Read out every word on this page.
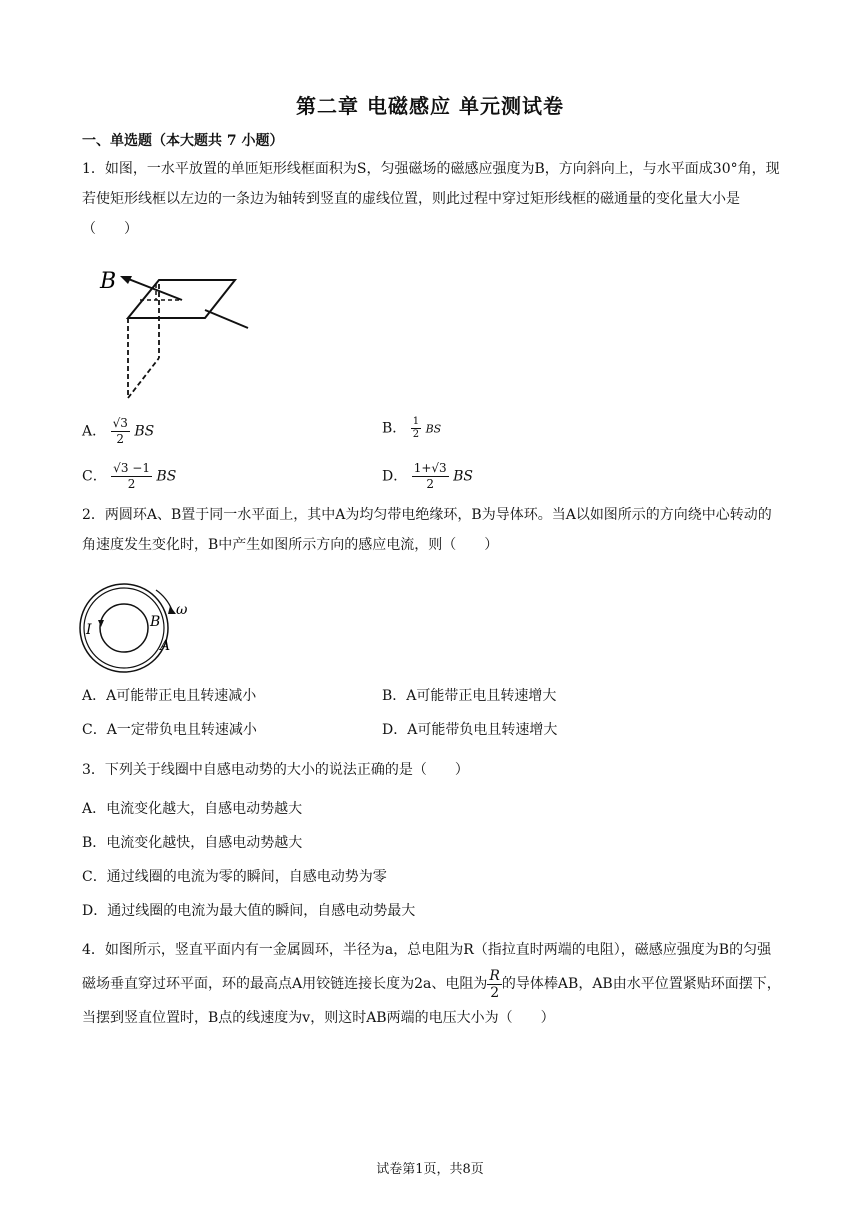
第二章 电磁感应 单元测试卷
一、单选题（本大题共 7 小题）
1．如图，一水平放置的单匝矩形线框面积为S，匀强磁场的磁感应强度为B，方向斜向上，与水平面成30°角，现若使矩形线框以左边的一条边为轴转到竖直的虚线位置，则此过程中穿过矩形线框的磁通量的变化量大小是（　　）
B
A． $\frac{√3}{2}$ BS	B． $\frac{1}{2}$ BS
C． $\frac{√3 -1}{2}$ BS	D． $\frac{1+√3}{2}$ BS
2．两圆环A、B置于同一水平面上，其中A为均匀带电绝缘环，B为导体环。当A以如图所示的方向绕中心转动的角速度发生变化时，B中产生如图所示方向的感应电流，则（　　）
ω
I	B
A
A．A可能带正电且转速减小	B．A可能带正电且转速增大
C．A一定带负电且转速减小	D．A可能带负电且转速增大
3．下列关于线圈中自感电动势的大小的说法正确的是（　　）
A．电流变化越大，自感电动势越大
B．电流变化越快，自感电动势越大
C．通过线圈的电流为零的瞬间，自感电动势为零
D．通过线圈的电流为最大值的瞬间，自感电动势最大
4．如图所示，竖直平面内有一金属圆环，半径为a，总电阻为R（指拉直时两端的电阻），磁感应强度为B的匀强磁场垂直穿过环平面，环的最高点A用铰链连接长度为2a、电阻为 $\frac{R}{2}$ 的导体棒AB，AB由水平位置紧贴环面摆下，当摆到竖直位置时，B点的线速度为v，则这时AB两端的电压大小为（　　）
试卷第1页，共8页
